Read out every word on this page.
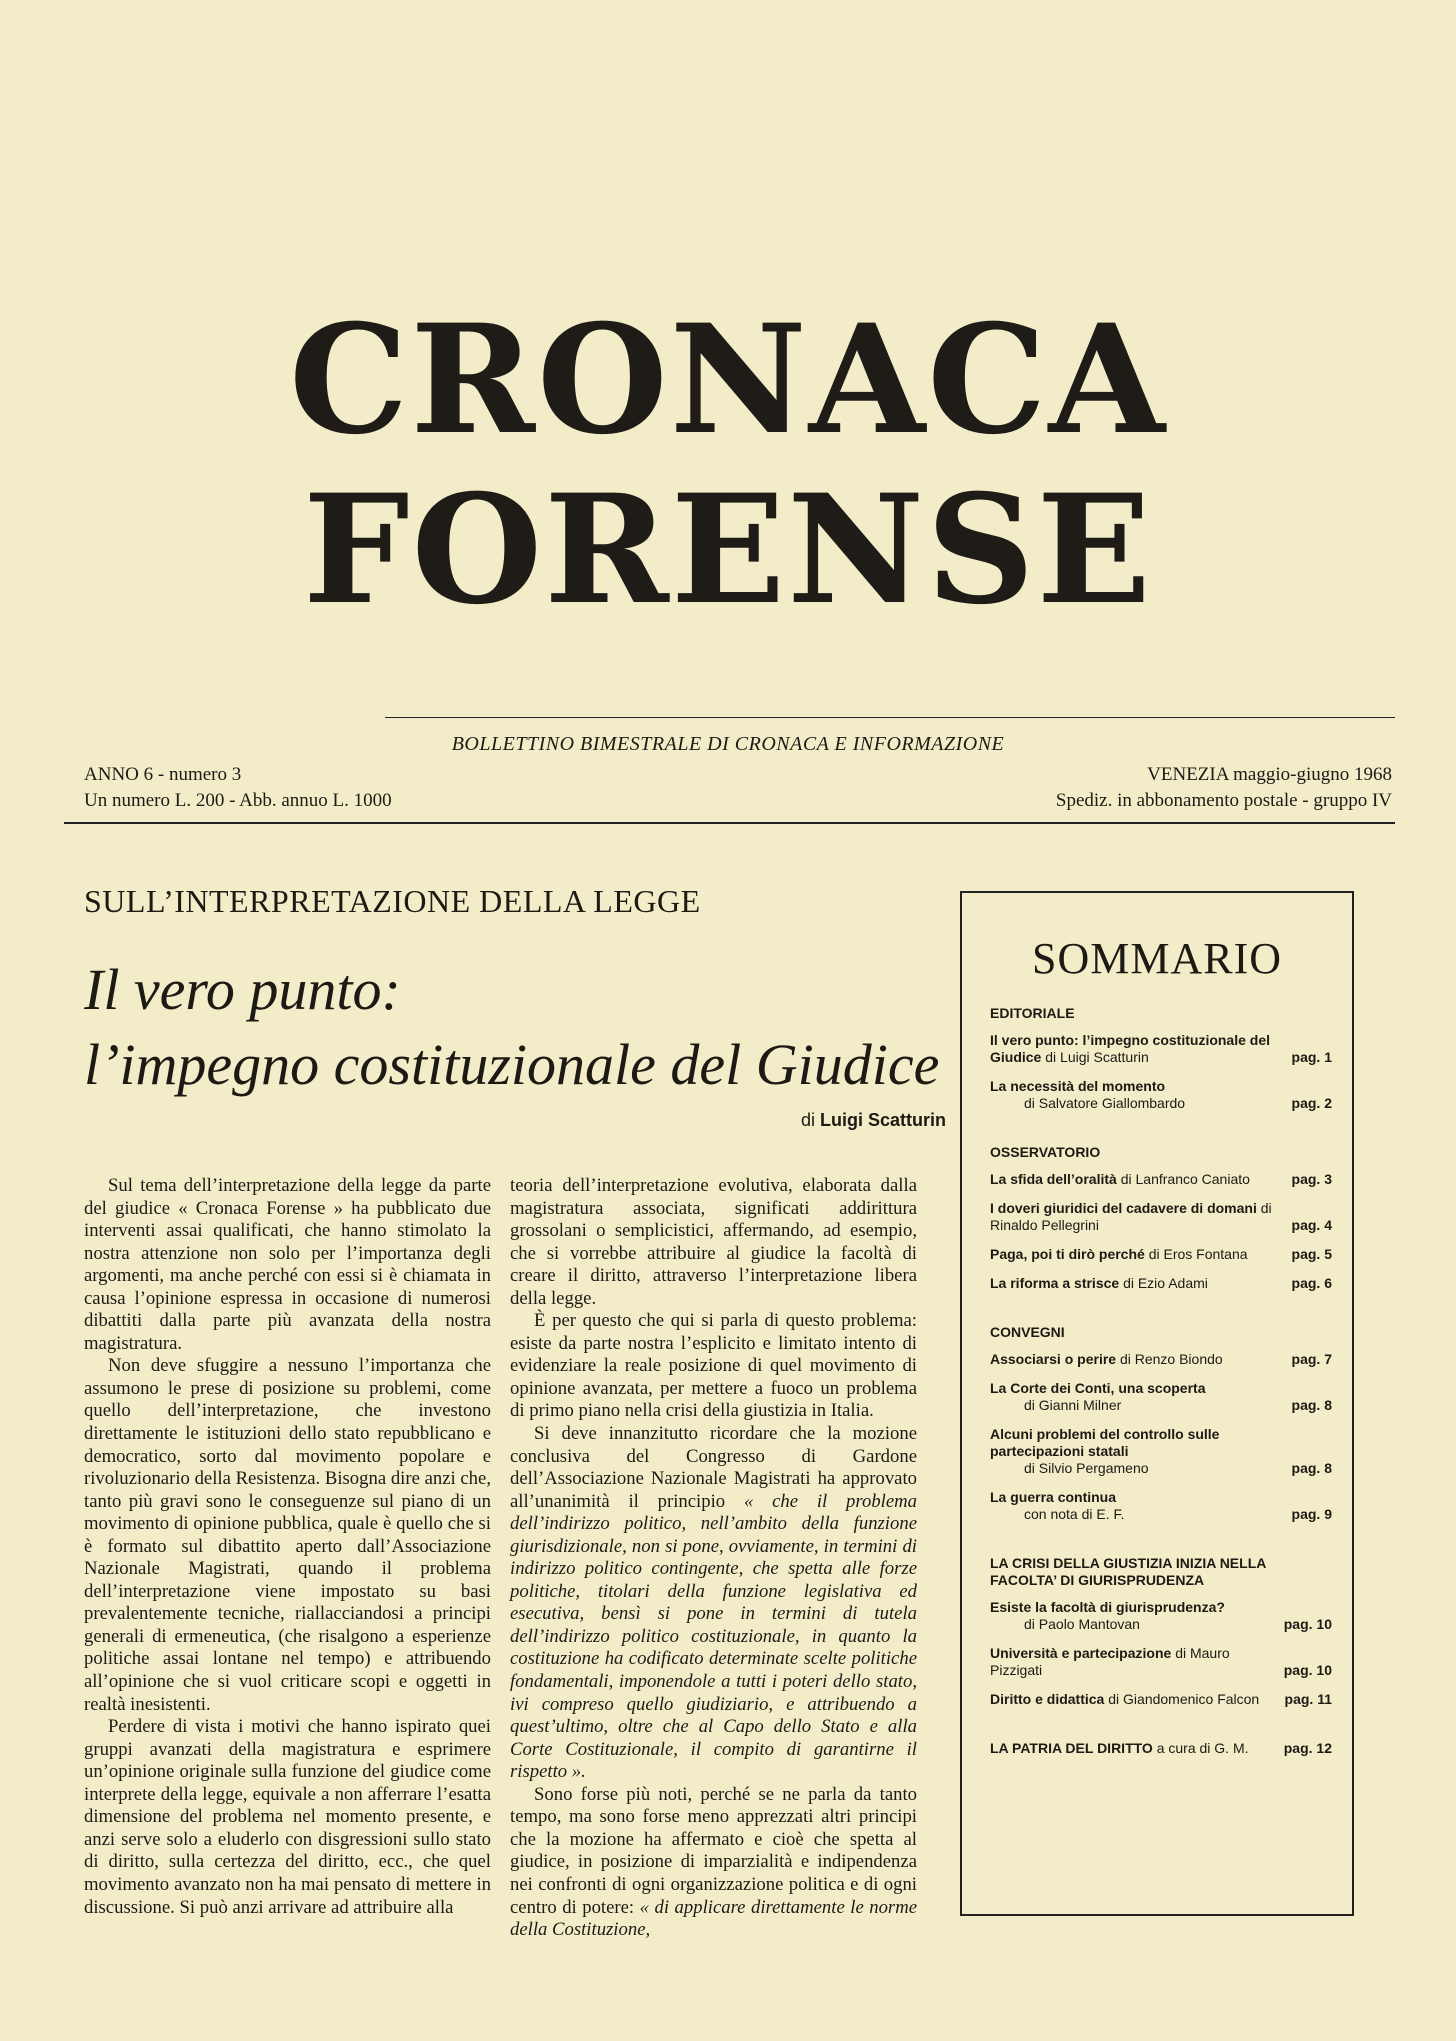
CRONACA
FORENSE
BOLLETTINO BIMESTRALE DI CRONACA E INFORMAZIONE
ANNO 6 - numero 3
Un numero L. 200 - Abb. annuo L. 1000
VENEZIA maggio-giugno 1968
Spediz. in abbonamento postale - gruppo IV
SULL’INTERPRETAZIONE DELLA LEGGE
Il vero punto:
l’impegno costituzionale del Giudice
di Luigi Scatturin

Sul tema dell’interpretazione della legge da parte del giudice « Cronaca Forense » ha pubblicato due interventi assai qualificati, che hanno stimolato la nostra attenzione non solo per l’importanza degli argomenti, ma anche perché con essi si è chiamata in causa l’opinione espressa in occasione di numerosi dibattiti dalla parte più avanzata della nostra magistratura.

Non deve sfuggire a nessuno l’importanza che assumono le prese di posizione su problemi, come quello dell’interpretazione, che investono direttamente le istituzioni dello stato repubblicano e democratico, sorto dal movimento popolare e rivoluzionario della Resistenza. Bisogna dire anzi che, tanto più gravi sono le conseguenze sul piano di un movimento di opinione pubblica, quale è quello che si è formato sul dibattito aperto dall’Associazione Nazionale Magistrati, quando il problema dell’interpretazione viene impostato su basi prevalentemente tecniche, riallacciandosi a principi generali di ermeneutica, (che risalgono a esperienze politiche assai lontane nel tempo) e attribuendo all’opinione che si vuol criticare scopi e oggetti in realtà inesistenti.

Perdere di vista i motivi che hanno ispirato quei gruppi avanzati della magistratura e esprimere un’opinione originale sulla funzione del giudice come interprete della legge, equivale a non afferrare l’esatta dimensione del problema nel momento presente, e anzi serve solo a eluderlo con disgressioni sullo stato di diritto, sulla certezza del diritto, ecc., che quel movimento avanzato non ha mai pensato di mettere in discussione. Si può anzi arrivare ad attribuire alla

teoria dell’interpretazione evolutiva, elaborata dalla magistratura associata, significati addirittura grossolani o semplicistici, affermando, ad esempio, che si vorrebbe attribuire al giudice la facoltà di creare il diritto, attraverso l’interpretazione libera della legge.

È per questo che qui si parla di questo problema: esiste da parte nostra l’esplicito e limitato intento di evidenziare la reale posizione di quel movimento di opinione avanzata, per mettere a fuoco un problema di primo piano nella crisi della giustizia in Italia.

Si deve innanzitutto ricordare che la mozione conclusiva del Congresso di Gardone dell’Associazione Nazionale Magistrati ha approvato all’unanimità il principio « che il problema dell’indirizzo politico, nell’ambito della funzione giurisdizionale, non si pone, ovviamente, in termini di indirizzo politico contingente, che spetta alle forze politiche, titolari della funzione legislativa ed esecutiva, bensì si pone in termini di tutela dell’indirizzo politico costituzionale, in quanto la costituzione ha codificato determinate scelte politiche fondamentali, imponendole a tutti i poteri dello stato, ivi compreso quello giudiziario, e attribuendo a quest’ultimo, oltre che al Capo dello Stato e alla Corte Costituzionale, il compito di garantirne il rispetto ».

Sono forse più noti, perché se ne parla da tanto tempo, ma sono forse meno apprezzati altri principi che la mozione ha affermato e cioè che spetta al giudice, in posizione di imparzialità e indipendenza nei confronti di ogni organizzazione politica e di ogni centro di potere: « di applicare direttamente le norme della Costituzione,

SOMMARIO
EDITORIALE
Il vero punto: l’impegno costituzionale del Giudice di Luigi Scatturin	pag. 1
La necessità del momento
di Salvatore Giallombardo	pag. 2
OSSERVATORIO
La sfida dell’oralità di Lanfranco Caniato	pag. 3
I doveri giuridici del cadavere di domani di Rinaldo Pellegrini	pag. 4
Paga, poi ti dirò perché di Eros Fontana	pag. 5
La riforma a strisce di Ezio Adami	pag. 6
CONVEGNI
Associarsi o perire di Renzo Biondo	pag. 7
La Corte dei Conti, una scoperta
di Gianni Milner	pag. 8
Alcuni problemi del controllo sulle partecipazioni statali
di Silvio Pergameno	pag. 8
La guerra continua
con nota di E. F.	pag. 9
LA CRISI DELLA GIUSTIZIA INIZIA NELLA FACOLTA’ DI GIURISPRUDENZA
Esiste la facoltà di giurisprudenza?
di Paolo Mantovan	pag. 10
Università e partecipazione di Mauro Pizzigati	pag. 10
Diritto e didattica di Giandomenico Falcon pag. 11
LA PATRIA DEL DIRITTO a cura di G. M.	pag. 12
